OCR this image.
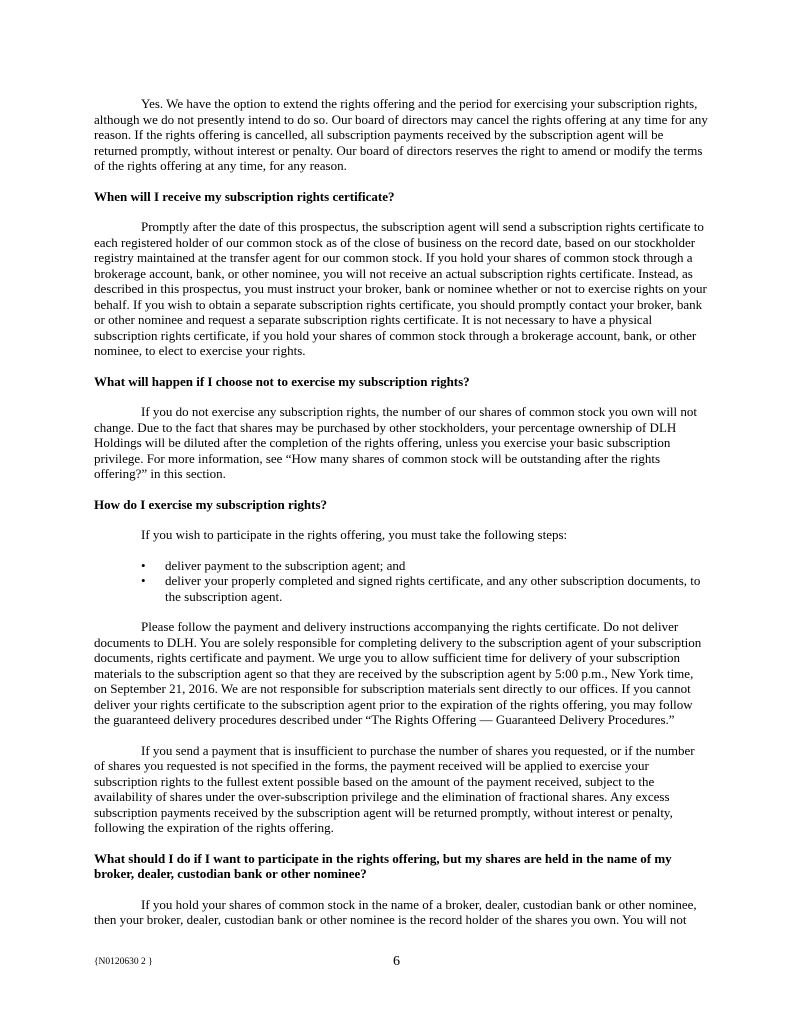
Yes. We have the option to extend the rights offering and the period for exercising your subscription rights, although we do not presently intend to do so. Our board of directors may cancel the rights offering at any time for any reason. If the rights offering is cancelled, all subscription payments received by the subscription agent will be returned promptly, without interest or penalty. Our board of directors reserves the right to amend or modify the terms of the rights offering at any time, for any reason.

When will I receive my subscription rights certificate?

Promptly after the date of this prospectus, the subscription agent will send a subscription rights certificate to each registered holder of our common stock as of the close of business on the record date, based on our stockholder registry maintained at the transfer agent for our common stock. If you hold your shares of common stock through a brokerage account, bank, or other nominee, you will not receive an actual subscription rights certificate. Instead, as described in this prospectus, you must instruct your broker, bank or nominee whether or not to exercise rights on your behalf. If you wish to obtain a separate subscription rights certificate, you should promptly contact your broker, bank or other nominee and request a separate subscription rights certificate. It is not necessary to have a physical subscription rights certificate, if you hold your shares of common stock through a brokerage account, bank, or other nominee, to elect to exercise your rights.

What will happen if I choose not to exercise my subscription rights?

If you do not exercise any subscription rights, the number of our shares of common stock you own will not change. Due to the fact that shares may be purchased by other stockholders, your percentage ownership of DLH Holdings will be diluted after the completion of the rights offering, unless you exercise your basic subscription privilege. For more information, see “How many shares of common stock will be outstanding after the rights offering?” in this section.

How do I exercise my subscription rights?

If you wish to participate in the rights offering, you must take the following steps:

• deliver payment to the subscription agent; and
• deliver your properly completed and signed rights certificate, and any other subscription documents, to the subscription agent.

Please follow the payment and delivery instructions accompanying the rights certificate. Do not deliver documents to DLH. You are solely responsible for completing delivery to the subscription agent of your subscription documents, rights certificate and payment. We urge you to allow sufficient time for delivery of your subscription materials to the subscription agent so that they are received by the subscription agent by 5:00 p.m., New York time, on September 21, 2016. We are not responsible for subscription materials sent directly to our offices. If you cannot deliver your rights certificate to the subscription agent prior to the expiration of the rights offering, you may follow the guaranteed delivery procedures described under “The Rights Offering — Guaranteed Delivery Procedures.”

If you send a payment that is insufficient to purchase the number of shares you requested, or if the number of shares you requested is not specified in the forms, the payment received will be applied to exercise your subscription rights to the fullest extent possible based on the amount of the payment received, subject to the availability of shares under the over-subscription privilege and the elimination of fractional shares. Any excess subscription payments received by the subscription agent will be returned promptly, without interest or penalty, following the expiration of the rights offering.

What should I do if I want to participate in the rights offering, but my shares are held in the name of my broker, dealer, custodian bank or other nominee?

If you hold your shares of common stock in the name of a broker, dealer, custodian bank or other nominee, then your broker, dealer, custodian bank or other nominee is the record holder of the shares you own. You will not

{N0120630 2 }	6
